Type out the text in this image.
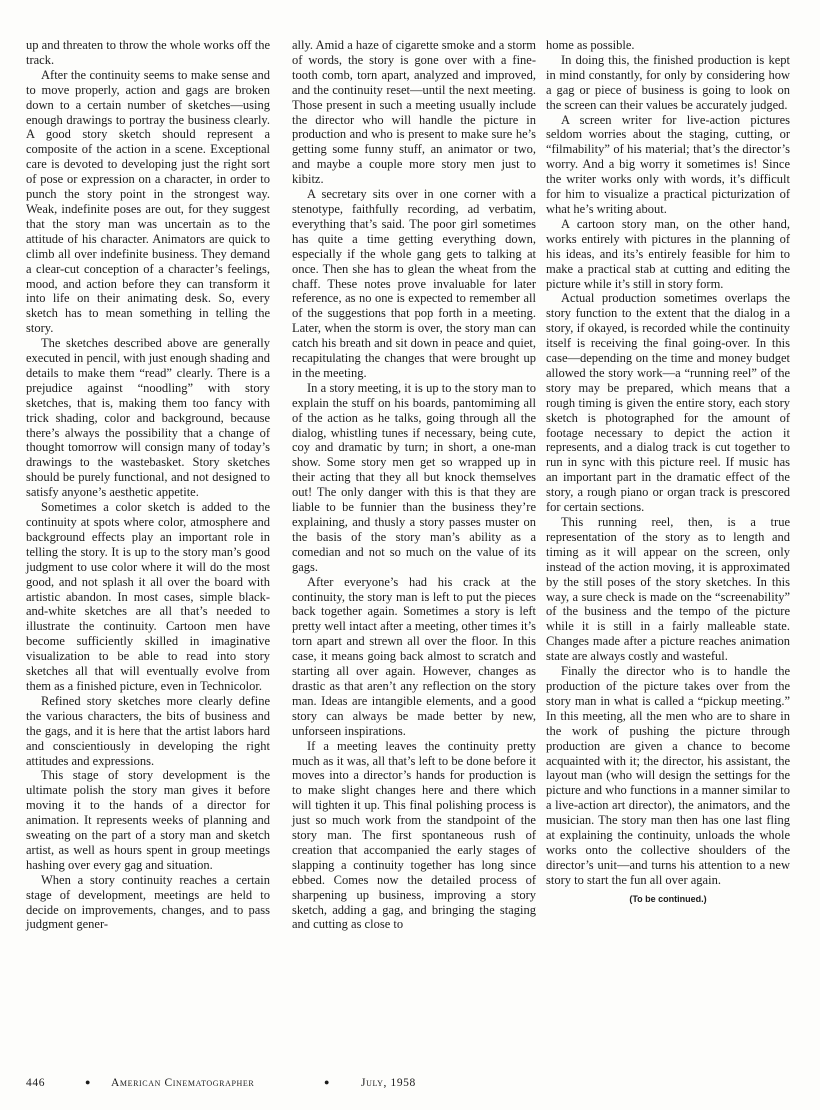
up and threaten to throw the whole works off the track.

After the continuity seems to make sense and to move properly, action and gags are broken down to a certain number of sketches—using enough drawings to portray the business clearly. A good story sketch should represent a composite of the action in a scene. Exceptional care is devoted to developing just the right sort of pose or expression on a character, in order to punch the story point in the strongest way. Weak, indefinite poses are out, for they suggest that the story man was uncertain as to the attitude of his character. Animators are quick to climb all over indefinite business. They demand a clear-cut conception of a character’s feelings, mood, and action before they can transform it into life on their animating desk. So, every sketch has to mean something in telling the story.

The sketches described above are generally executed in pencil, with just enough shading and details to make them “read” clearly. There is a prejudice against “noodling” with story sketches, that is, making them too fancy with trick shading, color and background, because there’s always the possibility that a change of thought tomorrow will consign many of today’s drawings to the wastebasket. Story sketches should be purely functional, and not designed to satisfy anyone’s aesthetic appetite.

Sometimes a color sketch is added to the continuity at spots where color, atmosphere and background effects play an important role in telling the story. It is up to the story man’s good judgment to use color where it will do the most good, and not splash it all over the board with artistic abandon. In most cases, simple black-and-white sketches are all that’s needed to illustrate the continuity. Cartoon men have become sufficiently skilled in imaginative visualization to be able to read into story sketches all that will eventually evolve from them as a finished picture, even in Technicolor.

Refined story sketches more clearly define the various characters, the bits of business and the gags, and it is here that the artist labors hard and conscientiously in developing the right attitudes and expressions.

This stage of story development is the ultimate polish the story man gives it before moving it to the hands of a director for animation. It represents weeks of planning and sweating on the part of a story man and sketch artist, as well as hours spent in group meetings hashing over every gag and situation.

When a story continuity reaches a certain stage of development, meetings are held to decide on improvements, changes, and to pass judgment gener-

ally. Amid a haze of cigarette smoke and a storm of words, the story is gone over with a fine-tooth comb, torn apart, analyzed and improved, and the continuity reset—until the next meeting. Those present in such a meeting usually include the director who will handle the picture in production and who is present to make sure he’s getting some funny stuff, an animator or two, and maybe a couple more story men just to kibitz.

A secretary sits over in one corner with a stenotype, faithfully recording, ad verbatim, everything that’s said. The poor girl sometimes has quite a time getting everything down, especially if the whole gang gets to talking at once. Then she has to glean the wheat from the chaff. These notes prove invaluable for later reference, as no one is expected to remember all of the suggestions that pop forth in a meeting. Later, when the storm is over, the story man can catch his breath and sit down in peace and quiet, recapitulating the changes that were brought up in the meeting.

In a story meeting, it is up to the story man to explain the stuff on his boards, pantomiming all of the action as he talks, going through all the dialog, whistling tunes if necessary, being cute, coy and dramatic by turn; in short, a one-man show. Some story men get so wrapped up in their acting that they all but knock themselves out! The only danger with this is that they are liable to be funnier than the business they’re explaining, and thusly a story passes muster on the basis of the story man’s ability as a comedian and not so much on the value of its gags.

After everyone’s had his crack at the continuity, the story man is left to put the pieces back together again. Sometimes a story is left pretty well intact after a meeting, other times it’s torn apart and strewn all over the floor. In this case, it means going back almost to scratch and starting all over again. However, changes as drastic as that aren’t any reflection on the story man. Ideas are intangible elements, and a good story can always be made better by new, unforseen inspirations.

If a meeting leaves the continuity pretty much as it was, all that’s left to be done before it moves into a director’s hands for production is to make slight changes here and there which will tighten it up. This final polishing process is just so much work from the standpoint of the story man. The first spontaneous rush of creation that accompanied the early stages of slapping a continuity together has long since ebbed. Comes now the detailed process of sharpening up business, improving a story sketch, adding a gag, and bringing the staging and cutting as close to

home as possible.

In doing this, the finished production is kept in mind constantly, for only by considering how a gag or piece of business is going to look on the screen can their values be accurately judged.

A screen writer for live-action pictures seldom worries about the staging, cutting, or “filmability” of his material; that’s the director’s worry. And a big worry it sometimes is! Since the writer works only with words, it’s difficult for him to visualize a practical picturization of what he’s writing about.

A cartoon story man, on the other hand, works entirely with pictures in the planning of his ideas, and its’s entirely feasible for him to make a practical stab at cutting and editing the picture while it’s still in story form.

Actual production sometimes overlaps the story function to the extent that the dialog in a story, if okayed, is recorded while the continuity itself is receiving the final going-over. In this case—depending on the time and money budget allowed the story work—a “running reel” of the story may be prepared, which means that a rough timing is given the entire story, each story sketch is photographed for the amount of footage necessary to depict the action it represents, and a dialog track is cut together to run in sync with this picture reel. If music has an important part in the dramatic effect of the story, a rough piano or organ track is prescored for certain sections.

This running reel, then, is a true representation of the story as to length and timing as it will appear on the screen, only instead of the action moving, it is approximated by the still poses of the story sketches. In this way, a sure check is made on the “screenability” of the business and the tempo of the picture while it is still in a fairly malleable state. Changes made after a picture reaches animation state are always costly and wasteful.

Finally the director who is to handle the production of the picture takes over from the story man in what is called a “pickup meeting.” In this meeting, all the men who are to share in the work of pushing the picture through production are given a chance to become acquainted with it; the director, his assistant, the layout man (who will design the settings for the picture and who functions in a manner similar to a live-action art director), the animators, and the musician. The story man then has one last fling at explaining the continuity, unloads the whole works onto the collective shoulders of the director’s unit—and turns his attention to a new story to start the fun all over again.

(To be continued.)
446	● American Cinematographer	●	July, 1958
